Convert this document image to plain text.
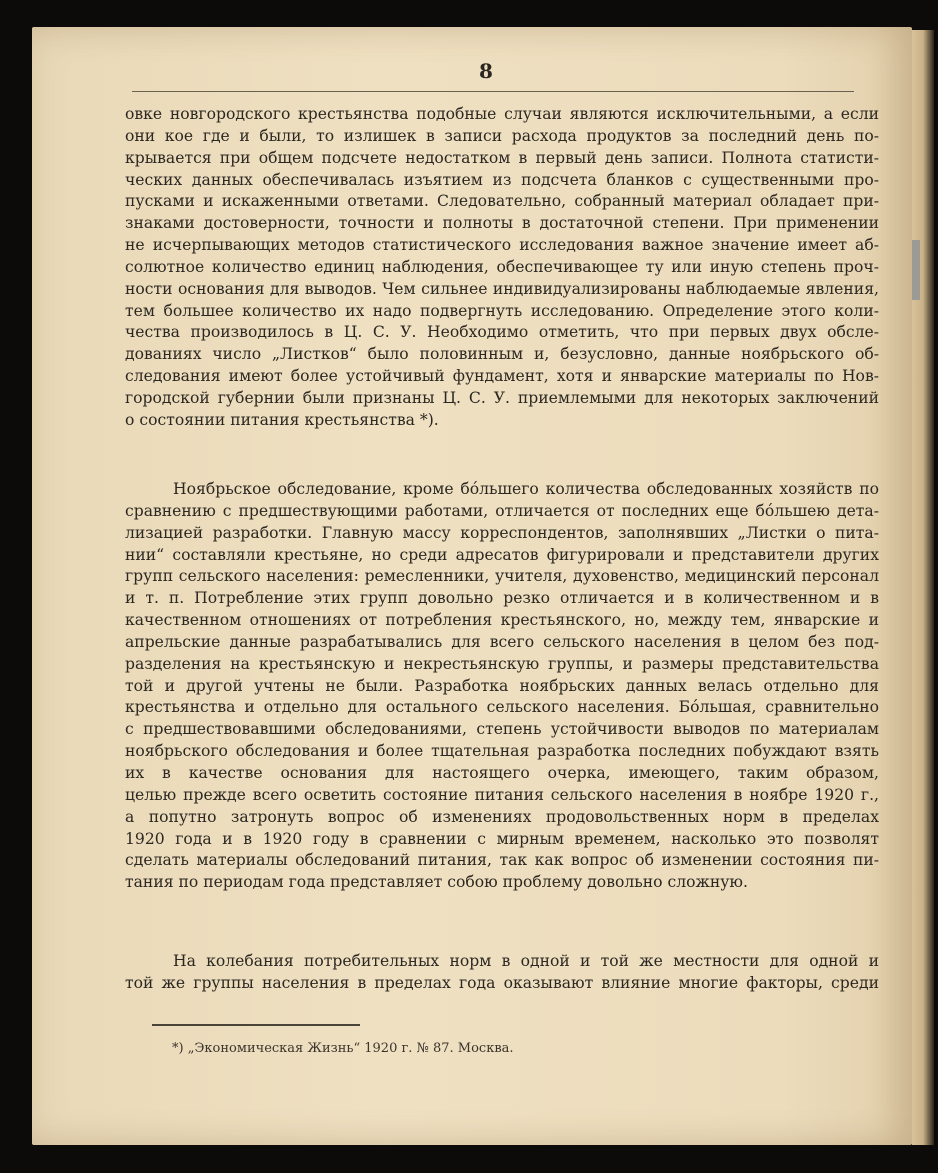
8
овке новгородского крестьянства подобные случаи являются исключительными, а если
они кое где и были, то излишек в записи расхода продуктов за последний день по-
крывается при общем подсчете недостатком в первый день записи. Полнота статисти-
ческих данных обеспечивалась изъятием из подсчета бланков с существенными про-
пусками и искаженными ответами. Следовательно, собранный материал обладает при-
знаками достоверности, точности и полноты в достаточной степени. При применении
не исчерпывающих методов статистического исследования важное значение имеет аб-
солютное количество единиц наблюдения, обеспечивающее ту или иную степень проч-
ности основания для выводов. Чем сильнее индивидуализированы наблюдаемые явления,
тем большее количество их надо подвергнуть исследованию. Определение этого коли-
чества производилось в Ц. С. У. Необходимо отметить, что при первых двух обсле-
дованиях число „Листков“ было половинным и, безусловно, данные ноябрьского об-
следования имеют более устойчивый фундамент, хотя и январские материалы по Нов-
городской губернии были признаны Ц. С. У. приемлемыми для некоторых заключений
о состоянии питания крестьянства *).
Ноябрьское обследование, кроме бо́льшего количества обследованных хозяйств по
сравнению с предшествующими работами, отличается от последних еще бо́льшею дета-
лизацией разработки. Главную массу корреспондентов, заполнявших „Листки о пита-
нии“ составляли крестьяне, но среди адресатов фигурировали и представители других
групп сельского населения: ремесленники, учителя, духовенство, медицинский персонал
и т. п. Потребление этих групп довольно резко отличается и в количественном и в
качественном отношениях от потребления крестьянского, но, между тем, январские и
апрельские данные разрабатывались для всего сельского населения в целом без под-
разделения на крестьянскую и некрестьянскую группы, и размеры представительства
той и другой учтены не были. Разработка ноябрьских данных велась отдельно для
крестьянства и отдельно для остального сельского населения. Бо́льшая, сравнительно
с предшествовавшими обследованиями, степень устойчивости выводов по материалам
ноябрьского обследования и более тщательная разработка последних побуждают взять
их в качестве основания для настоящего очерка, имеющего, таким образом,
целью прежде всего осветить состояние питания сельского населения в ноябре 1920 г.,
а попутно затронуть вопрос об изменениях продовольственных норм в пределах
1920 года и в 1920 году в сравнении с мирным временем, насколько это позволят
сделать материалы обследований питания, так как вопрос об изменении состояния пи-
тания по периодам года представляет собою проблему довольно сложную.
На колебания потребительных норм в одной и той же местности для одной и
той же группы населения в пределах года оказывают влияние многие факторы, среди
*) „Экономическая Жизнь“ 1920 г. № 87. Москва.
